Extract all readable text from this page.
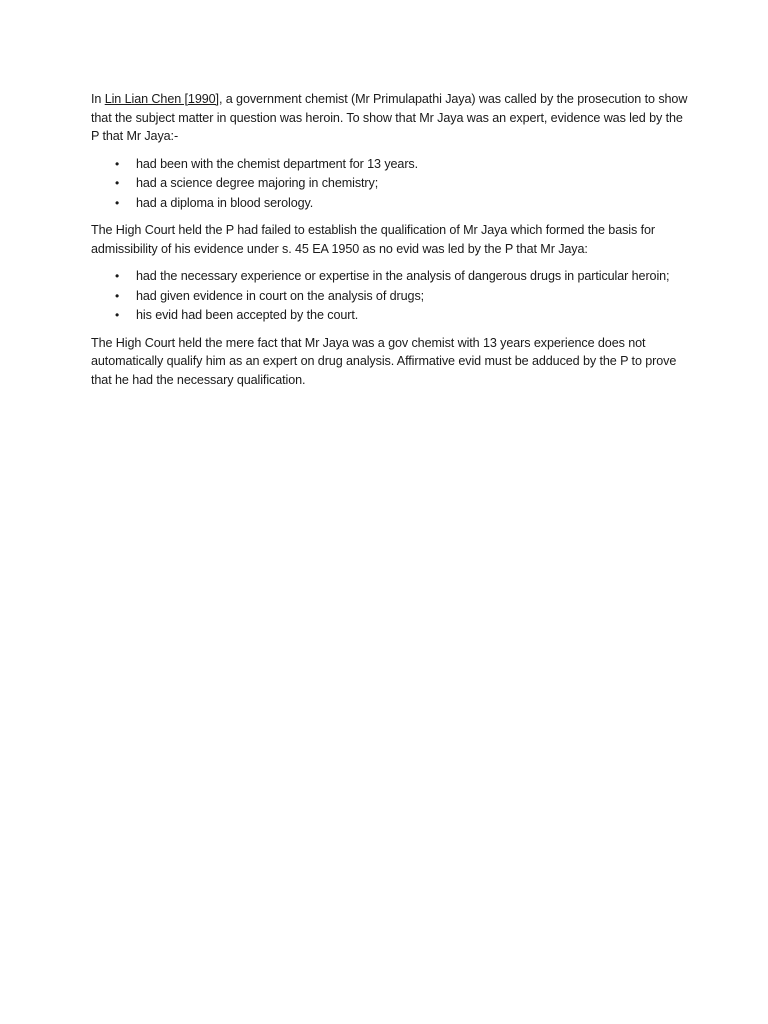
In Lin Lian Chen [1990], a government chemist (Mr Primulapathi Jaya) was called by the prosecution to show that the subject matter in question was heroin. To show that Mr Jaya was an expert, evidence was led by the P that Mr Jaya:-

• had been with the chemist department for 13 years.
• had a science degree majoring in chemistry;
• had a diploma in blood serology.

The High Court held the P had failed to establish the qualification of Mr Jaya which formed the basis for admissibility of his evidence under s. 45 EA 1950 as no evid was led by the P that Mr Jaya:

• had the necessary experience or expertise in the analysis of dangerous drugs in particular heroin;
• had given evidence in court on the analysis of drugs;
• his evid had been accepted by the court.

The High Court held the mere fact that Mr Jaya was a gov chemist with 13 years experience does not automatically qualify him as an expert on drug analysis. Affirmative evid must be adduced by the P to prove that he had the necessary qualification.
